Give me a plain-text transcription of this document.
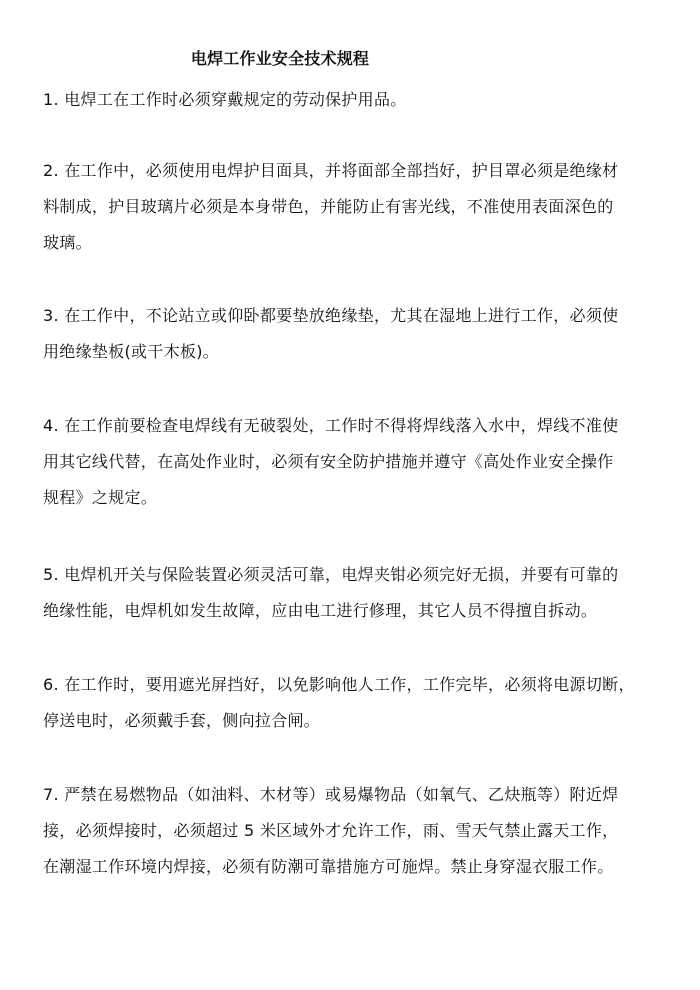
电焊工作业安全技术规程
1. 电焊工在工作时必须穿戴规定的劳动保护用品。
2. 在工作中，必须使用电焊护目面具，并将面部全部挡好，护目罩必须是绝缘材
料制成，护目玻璃片必须是本身带色，并能防止有害光线，不准使用表面深色的
玻璃。
3. 在工作中，不论站立或仰卧都要垫放绝缘垫，尤其在湿地上进行工作，必须使
用绝缘垫板(或干木板)。
4. 在工作前要检查电焊线有无破裂处，工作时不得将焊线落入水中，焊线不准使
用其它线代替，在高处作业时，必须有安全防护措施并遵守《高处作业安全操作
规程》之规定。
5. 电焊机开关与保险装置必须灵活可靠，电焊夹钳必须完好无损，并要有可靠的
绝缘性能，电焊机如发生故障，应由电工进行修理，其它人员不得擅自拆动。
6. 在工作时，要用遮光屏挡好，以免影响他人工作，工作完毕，必须将电源切断，
停送电时，必须戴手套，侧向拉合闸。
7. 严禁在易燃物品（如油料、木材等）或易爆物品（如氧气、乙炔瓶等）附近焊
接，必须焊接时，必须超过 5 米区域外才允许工作，雨、雪天气禁止露天工作，
在潮湿工作环境内焊接，必须有防潮可靠措施方可施焊。禁止身穿湿衣服工作。
